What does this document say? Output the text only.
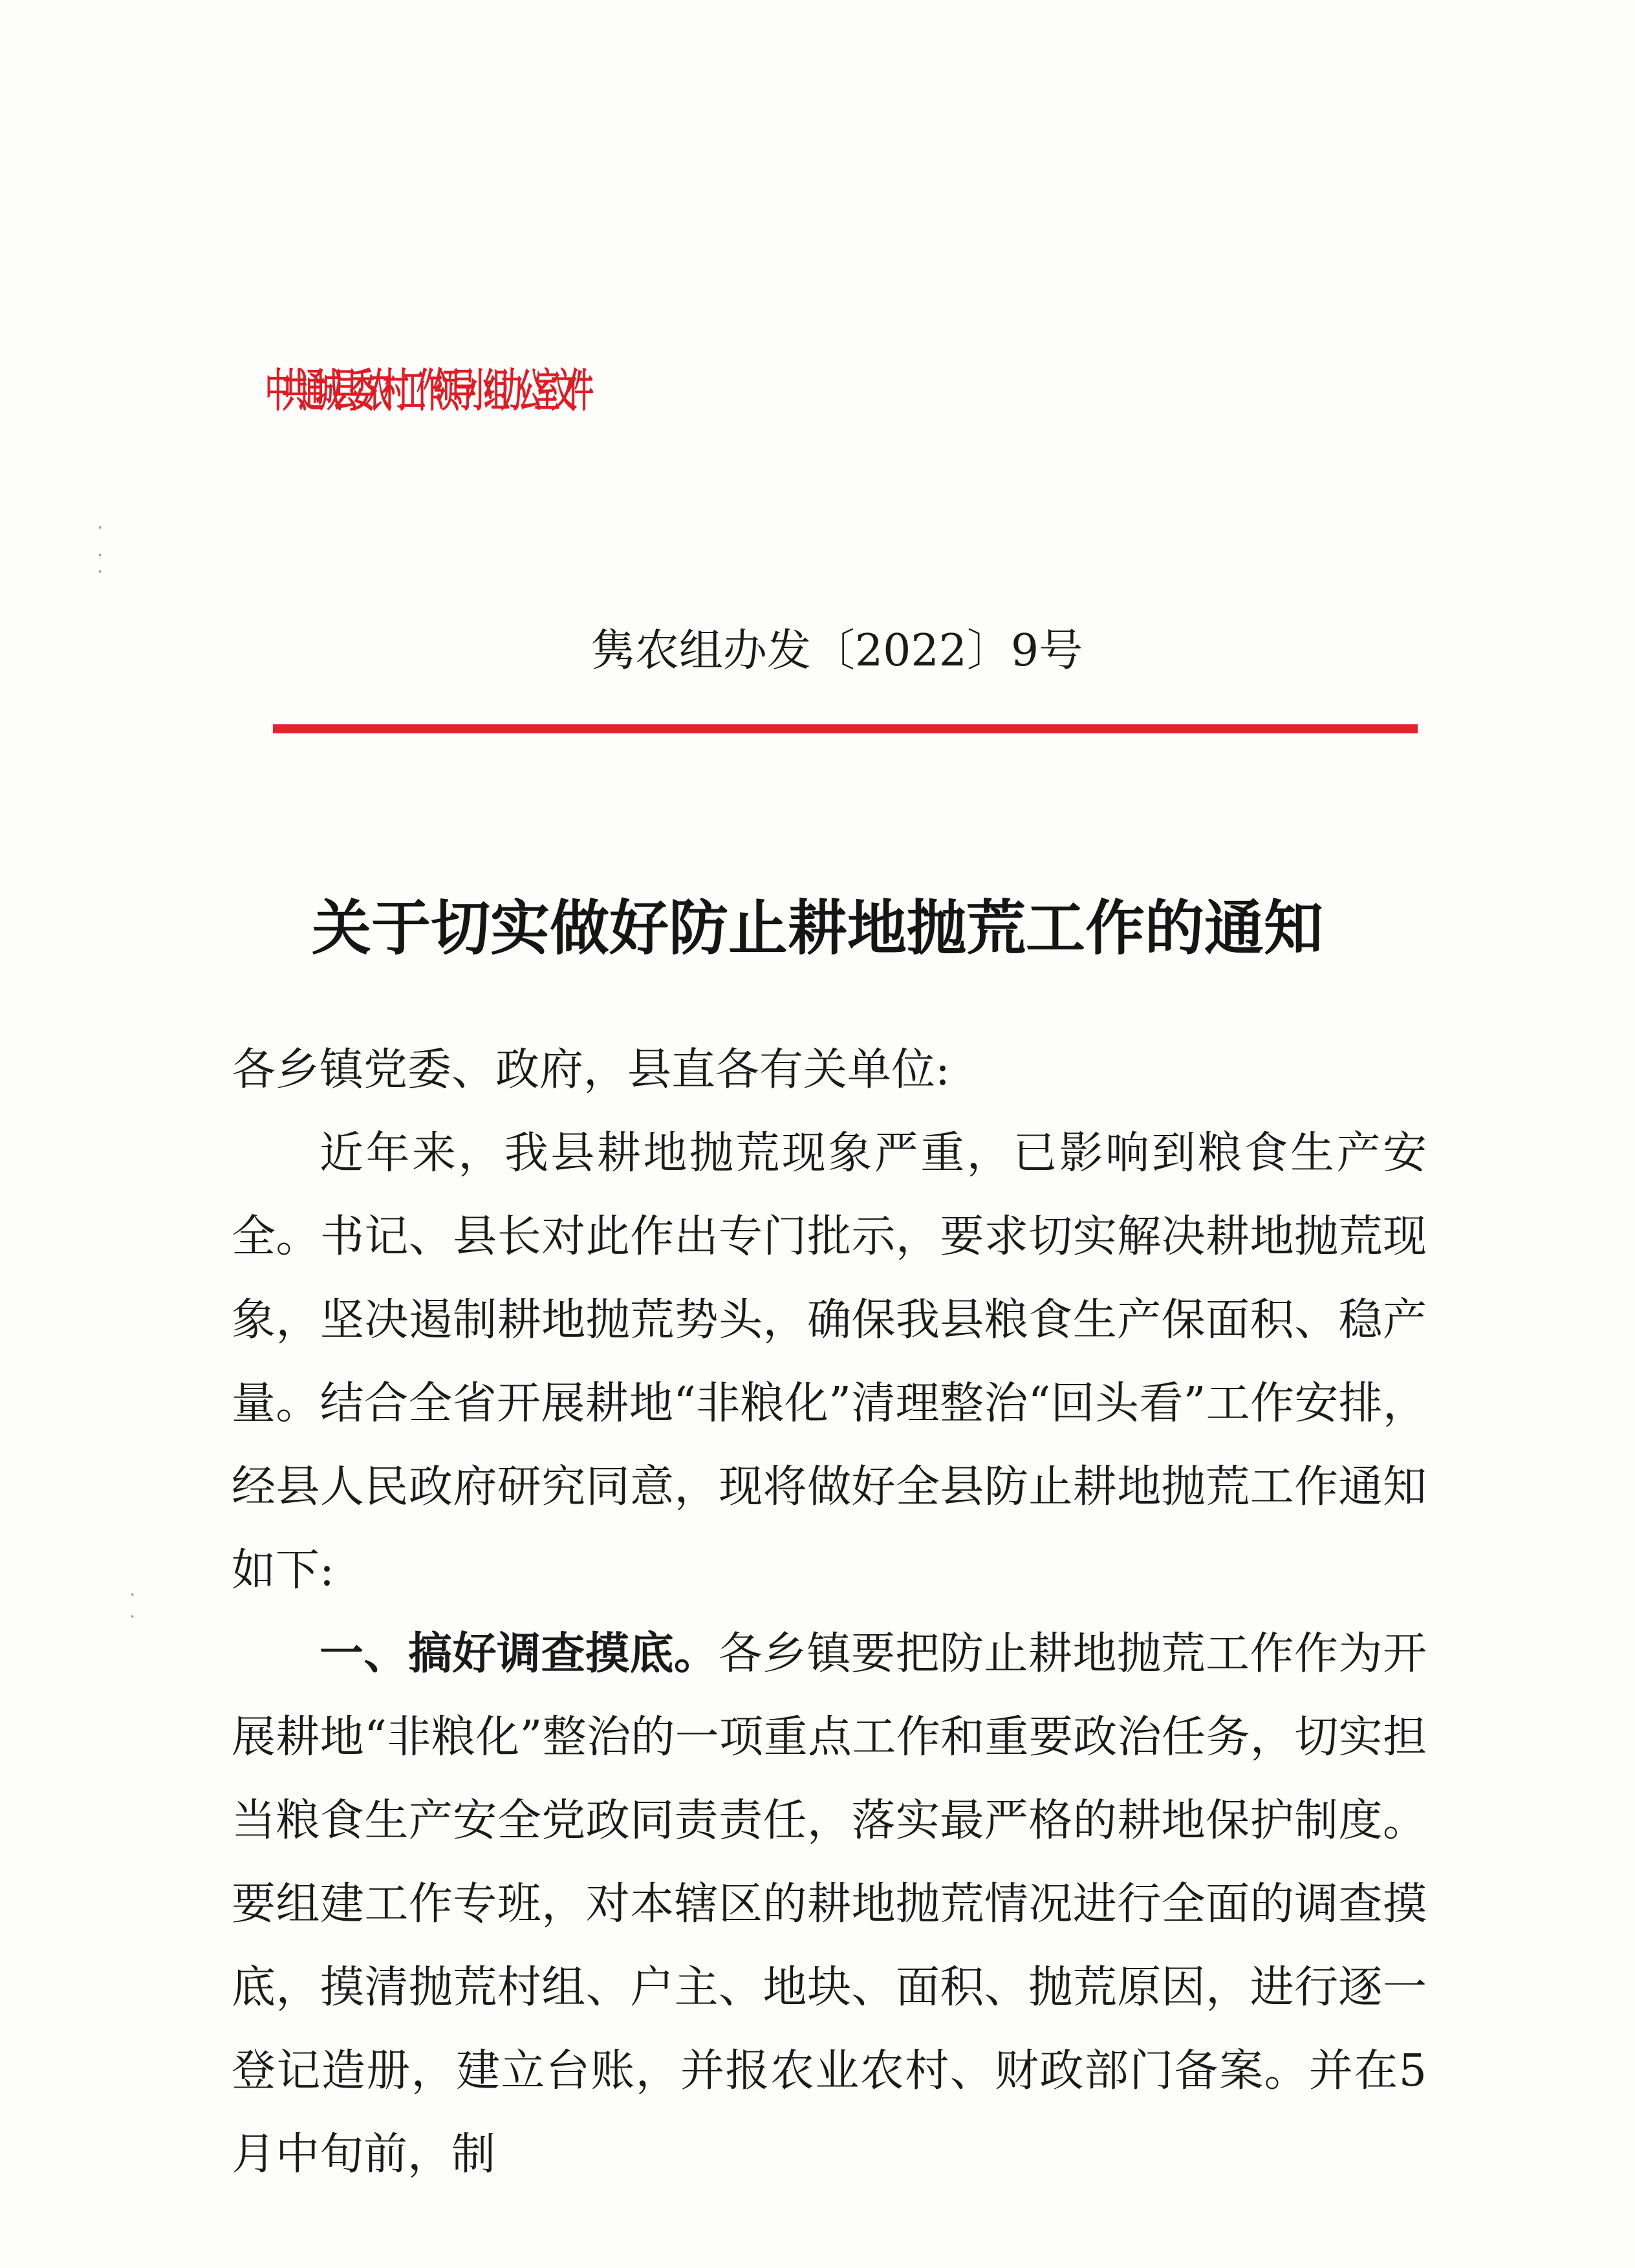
·
.
·
·
·
中共通城县委农村工作领导小组办公室文件
隽农组办发〔2022〕9号
关于切实做好防止耕地抛荒工作的通知

各乡镇党委、政府，县直各有关单位:

近年来，我县耕地抛荒现象严重，已影响到粮食生产安全。书记、县长对此作出专门批示，要求切实解决耕地抛荒现象，坚决遏制耕地抛荒势头，确保我县粮食生产保面积、稳产量。结合全省开展耕地“非粮化”清理整治“回头看”工作安排，经县人民政府研究同意，现将做好全县防止耕地抛荒工作通知如下:

一、搞好调查摸底。各乡镇要把防止耕地抛荒工作作为开展耕地“非粮化”整治的一项重点工作和重要政治任务，切实担当粮食生产安全党政同责责任，落实最严格的耕地保护制度。要组建工作专班，对本辖区的耕地抛荒情况进行全面的调查摸底，摸清抛荒村组、户主、地块、面积、抛荒原因，进行逐一登记造册，建立台账，并报农业农村、财政部门备案。并在5月中旬前，制
